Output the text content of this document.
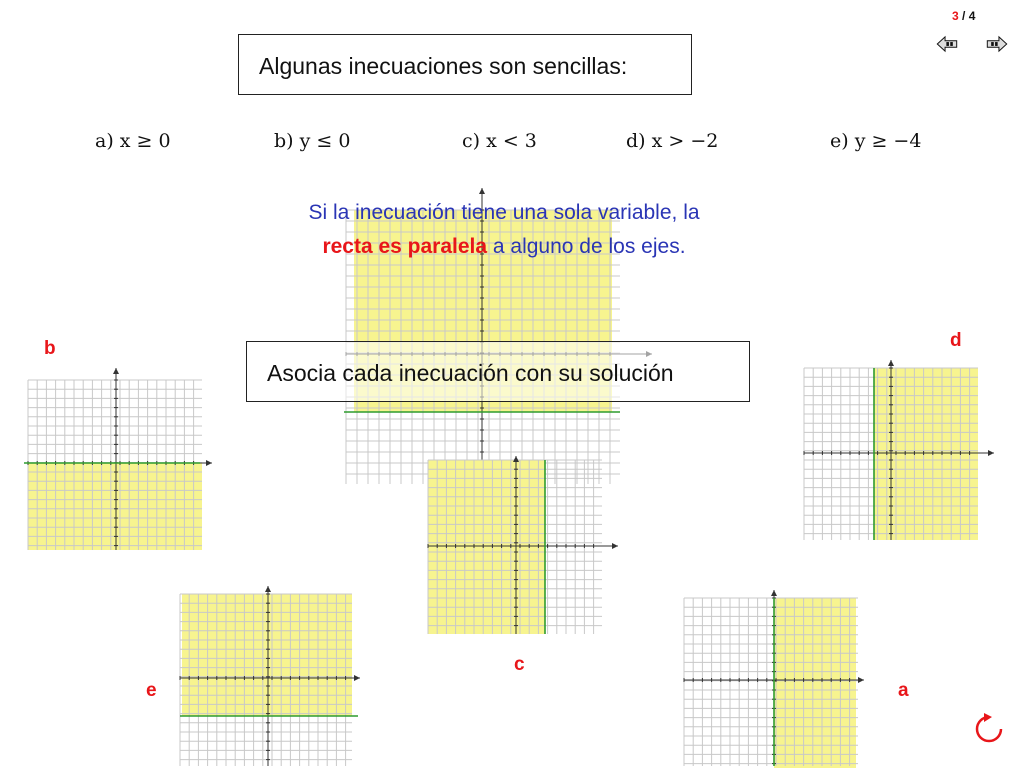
3 / 4
Algunas inecuaciones son sencillas:
a) x ≥ 0	b) y ≤ 0	c) x < 3	d) x > −2	e) y ≥ −4
Si la inecuación tiene una sola variable, la
recta es paralela a alguno de los ejes.
Asocia cada inecuación con su solución
b	d
c
e	a
